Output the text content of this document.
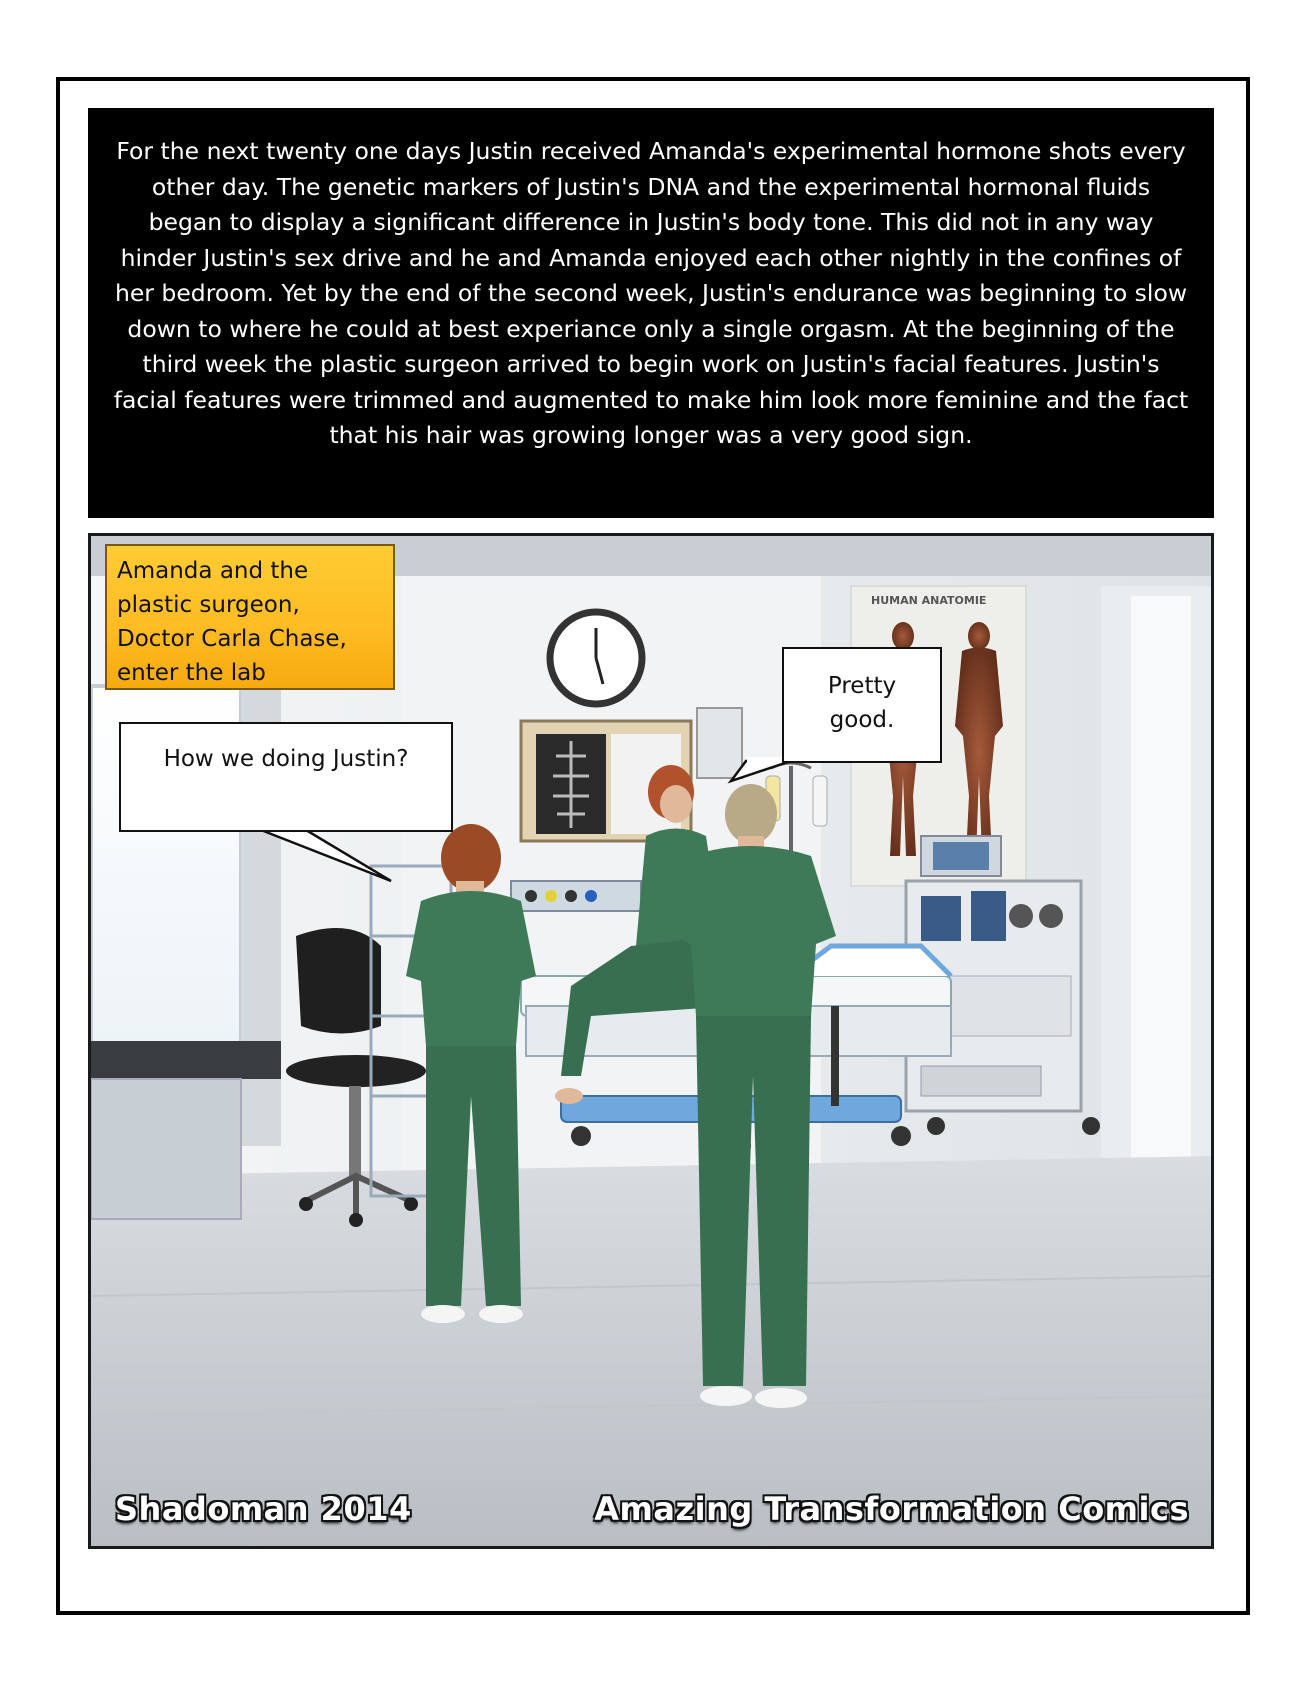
For the next twenty one days Justin received Amanda's experimental hormone shots every other day. The genetic markers of Justin's DNA and the experimental hormonal fluids began to display a significant difference in Justin's body tone. This did not in any way hinder Justin's sex drive and he and Amanda enjoyed each other nightly in the confines of her bedroom. Yet by the end of the second week, Justin's endurance was beginning to slow down to where he could at best experiance only a single orgasm. At the beginning of the third week the plastic surgeon arrived to begin work on Justin's facial features. Justin's facial features were trimmed and augmented to make him look more feminine and the fact that his hair was growing longer was a very good sign.

HUMAN ANATOMIE
Amanda and the
plastic surgeon,
Doctor Carla Chase,
enter the lab
How we doing Justin?
Pretty
good.
Shadoman 2014	Amazing Transformation Comics
